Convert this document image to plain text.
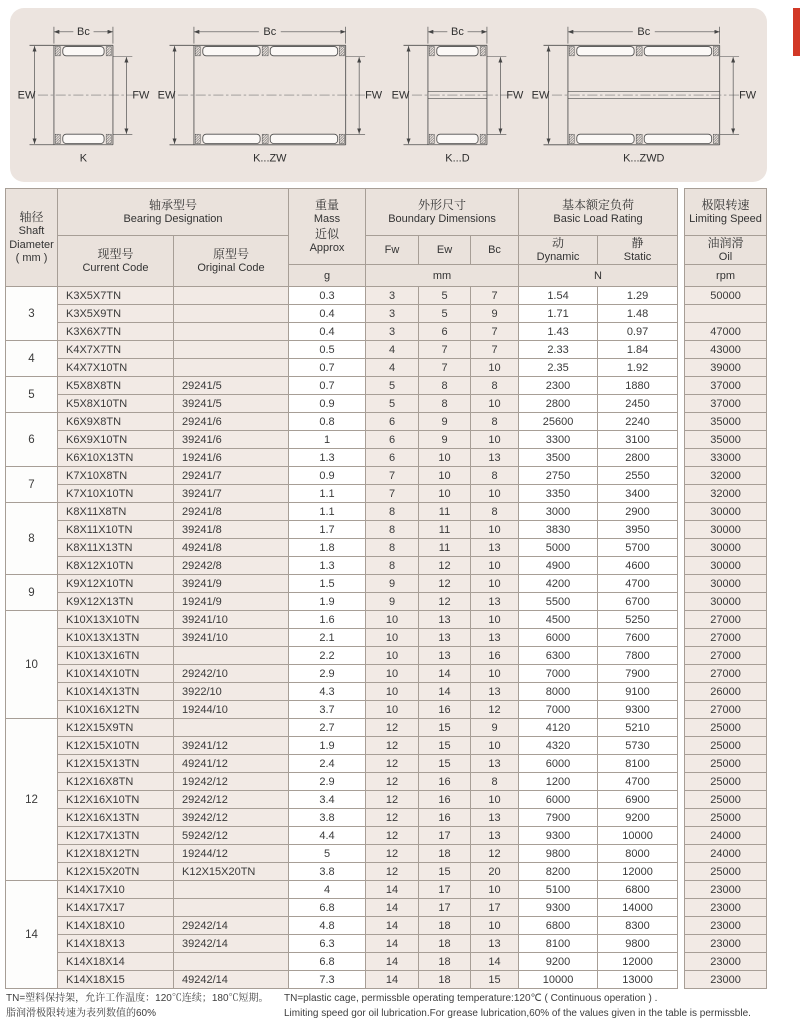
Bc
EW	FW
K
Bc
EW	FW
K...ZW
Bc
EW	FW
K...D
Bc
EW	FW
K...ZWD
轴径
Shaft
Diameter
( mm )

轴承型号
Bearing Designation

重量
Mass
近似
Approx

外形尺寸
Boundary Dimensions

基本额定负荷
Basic Load Rating

极限转速
Limiting Speed

现型号
Current Code

原型号
Original Code
	Fw	Ew	Bc	
动
Dynamic

静
Static

油润滑
Oil

			g	mm			N			rpm
3	K3X5X7TN		0.3	3	5	7	1.54	1.29		50000
	K3X5X9TN		0.4	3	5	9	1.71	1.48		
	K3X6X7TN		0.4	3	6	7	1.43	0.97		47000
4	K4X7X7TN		0.5	4	7	7	2.33	1.84		43000
	K4X7X10TN		0.7	4	7	10	2.35	1.92		39000
5	K5X8X8TN	29241/5	0.7	5	8	8	2300	1880		37000
	K5X8X10TN	39241/5	0.9	5	8	10	2800	2450		37000
6	K6X9X8TN	29241/6	0.8	6	9	8	25600	2240		35000
	K6X9X10TN	39241/6	1	6	9	10	3300	3100		35000
	K6X10X13TN	19241/6	1.3	6	10	13	3500	2800		33000
7	K7X10X8TN	29241/7	0.9	7	10	8	2750	2550		32000
	K7X10X10TN	39241/7	1.1	7	10	10	3350	3400		32000
8	K8X11X8TN	29241/8	1.1	8	11	8	3000	2900		30000
	K8X11X10TN	39241/8	1.7	8	11	10	3830	3950		30000
	K8X11X13TN	49241/8	1.8	8	11	13	5000	5700		30000
	K8X12X10TN	29242/8	1.3	8	12	10	4900	4600		30000
9	K9X12X10TN	39241/9	1.5	9	12	10	4200	4700		30000
	K9X12X13TN	19241/9	1.9	9	12	13	5500	6700		30000
10	K10X13X10TN	39241/10	1.6	10	13	10	4500	5250		27000
	K10X13X13TN	39241/10	2.1	10	13	13	6000	7600		27000
	K10X13X16TN		2.2	10	13	16	6300	7800		27000
	K10X14X10TN	29242/10	2.9	10	14	10	7000	7900		27000
	K10X14X13TN	3922/10	4.3	10	14	13	8000	9100		26000
	K10X16X12TN	19244/10	3.7	10	16	12	7000	9300		27000
12	K12X15X9TN		2.7	12	15	9	4120	5210		25000
	K12X15X10TN	39241/12	1.9	12	15	10	4320	5730		25000
	K12X15X13TN	49241/12	2.4	12	15	13	6000	8100		25000
	K12X16X8TN	19242/12	2.9	12	16	8	1200	4700		25000
	K12X16X10TN	29242/12	3.4	12	16	10	6000	6900		25000
	K12X16X13TN	39242/12	3.8	12	16	13	7900	9200		25000
	K12X17X13TN	59242/12	4.4	12	17	13	9300	10000		24000
	K12X18X12TN	19244/12	5	12	18	12	9800	8000		24000
	K12X15X20TN	K12X15X20TN	3.8	12	15	20	8200	12000		25000
14	K14X17X10		4	14	17	10	5100	6800		23000
	K14X17X17		6.8	14	17	17	9300	14000		23000
	K14X18X10	29242/14	4.8	14	18	10	6800	8300		23000
	K14X18X13	39242/14	6.3	14	18	13	8100	9800		23000
	K14X18X14		6.8	14	18	14	9200	12000		23000
	K14X18X15	49242/14	7.3	14	18	15	10000	13000		23000
TN=塑料保持架，允许工作温度：120℃连续；180℃短期。
脂润滑极限转速为表列数值的60%
TN=plastic cage, permissble operating temperature:120℃ ( Continuous operation ) .
Limiting speed gor oil lubrication.For grease lubrication,60% of the values given in the table is permissble.
